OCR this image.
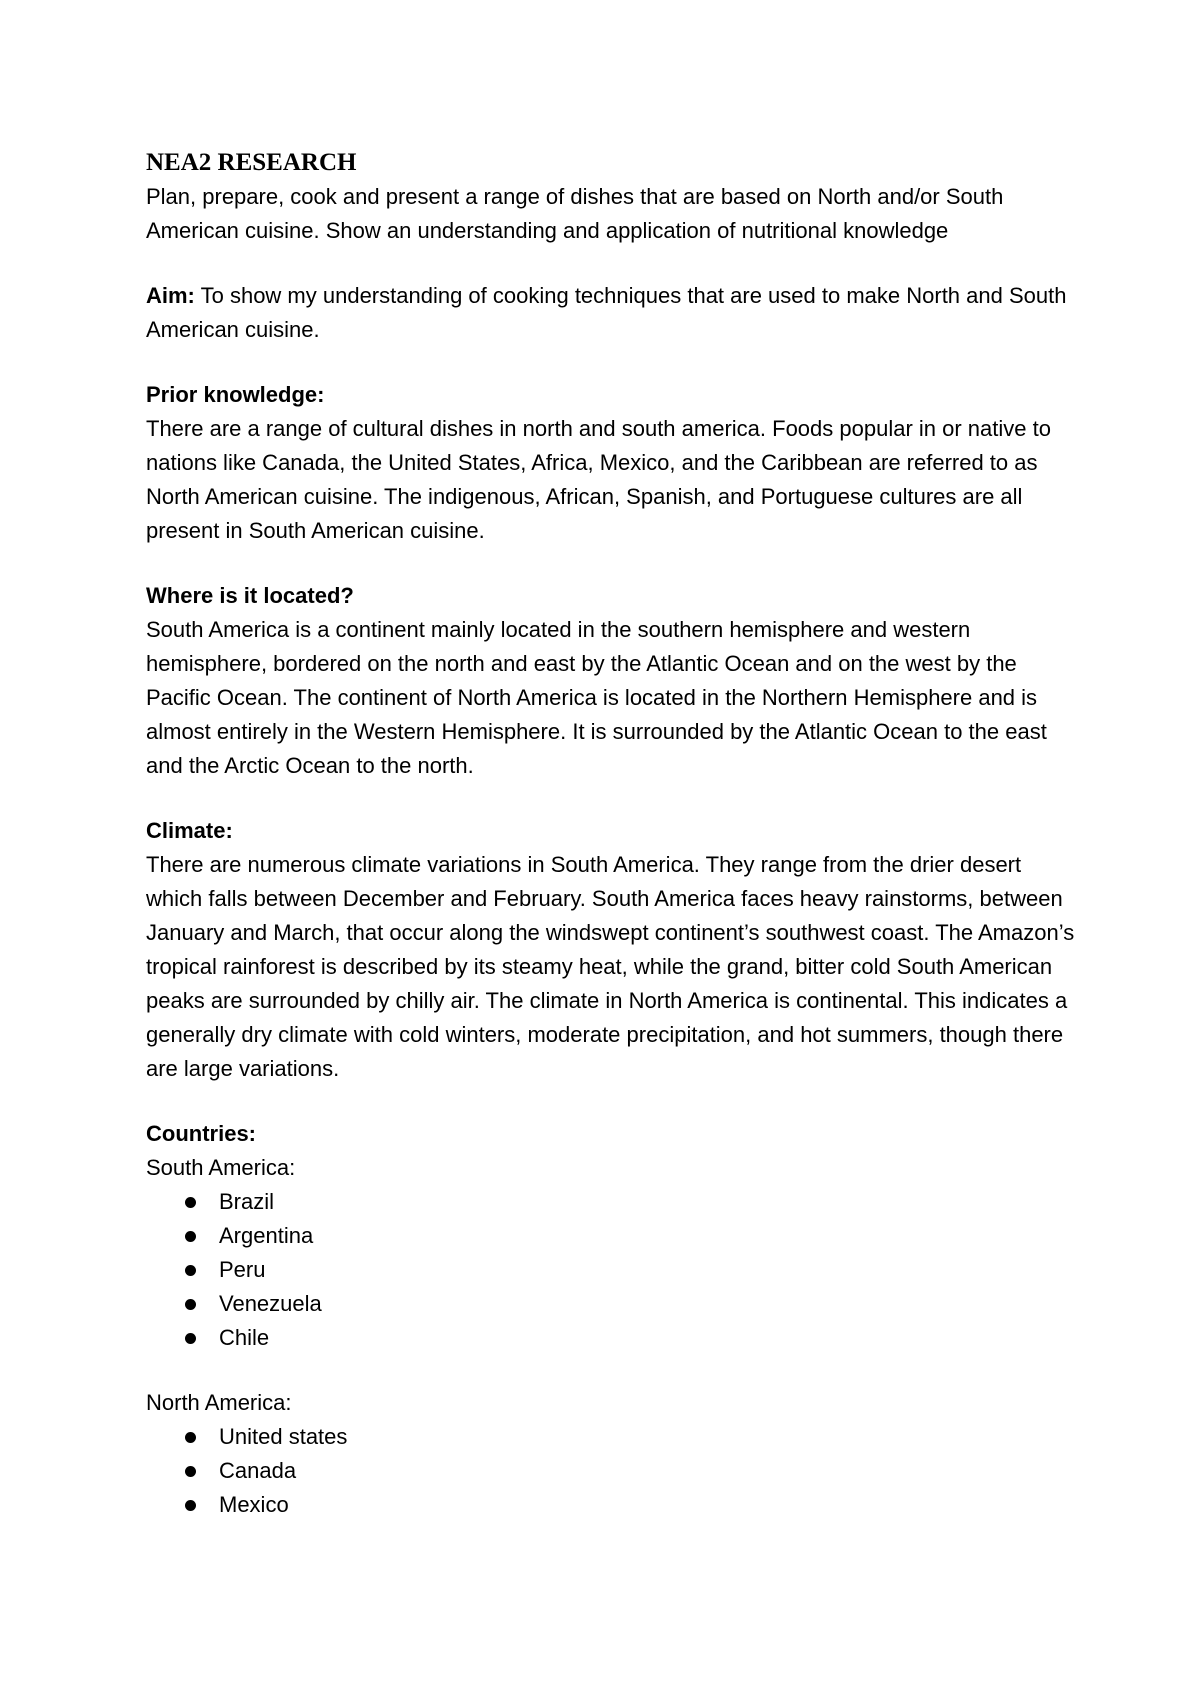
NEA2 RESEARCH

Plan, prepare, cook and present a range of dishes that are based on North and/or South American cuisine. Show an understanding and application of nutritional knowledge

Aim: To show my understanding of cooking techniques that are used to make North and South American cuisine.

Prior knowledge:

There are a range of cultural dishes in north and south america. Foods popular in or native to nations like Canada, the United States, Africa, Mexico, and the Caribbean are referred to as North American cuisine. The indigenous, African, Spanish, and Portuguese cultures are all present in South American cuisine.

Where is it located?

South America is a continent mainly located in the southern hemisphere and western hemisphere, bordered on the north and east by the Atlantic Ocean and on the west by the Pacific Ocean. The continent of North America is located in the Northern Hemisphere and is almost entirely in the Western Hemisphere. It is surrounded by the Atlantic Ocean to the east and the Arctic Ocean to the north.

Climate:

There are numerous climate variations in South America. They range from the drier desert which falls between December and February. South America faces heavy rainstorms, between January and March, that occur along the windswept continent’s southwest coast. The Amazon’s tropical rainforest is described by its steamy heat, while the grand, bitter cold South American peaks are surrounded by chilly air. The climate in North America is continental. This indicates a generally dry climate with cold winters, moderate precipitation, and hot summers, though there are large variations.

Countries:

South America:

Brazil
Argentina
Peru
Venezuela
Chile

North America:

United states
Canada
Mexico
